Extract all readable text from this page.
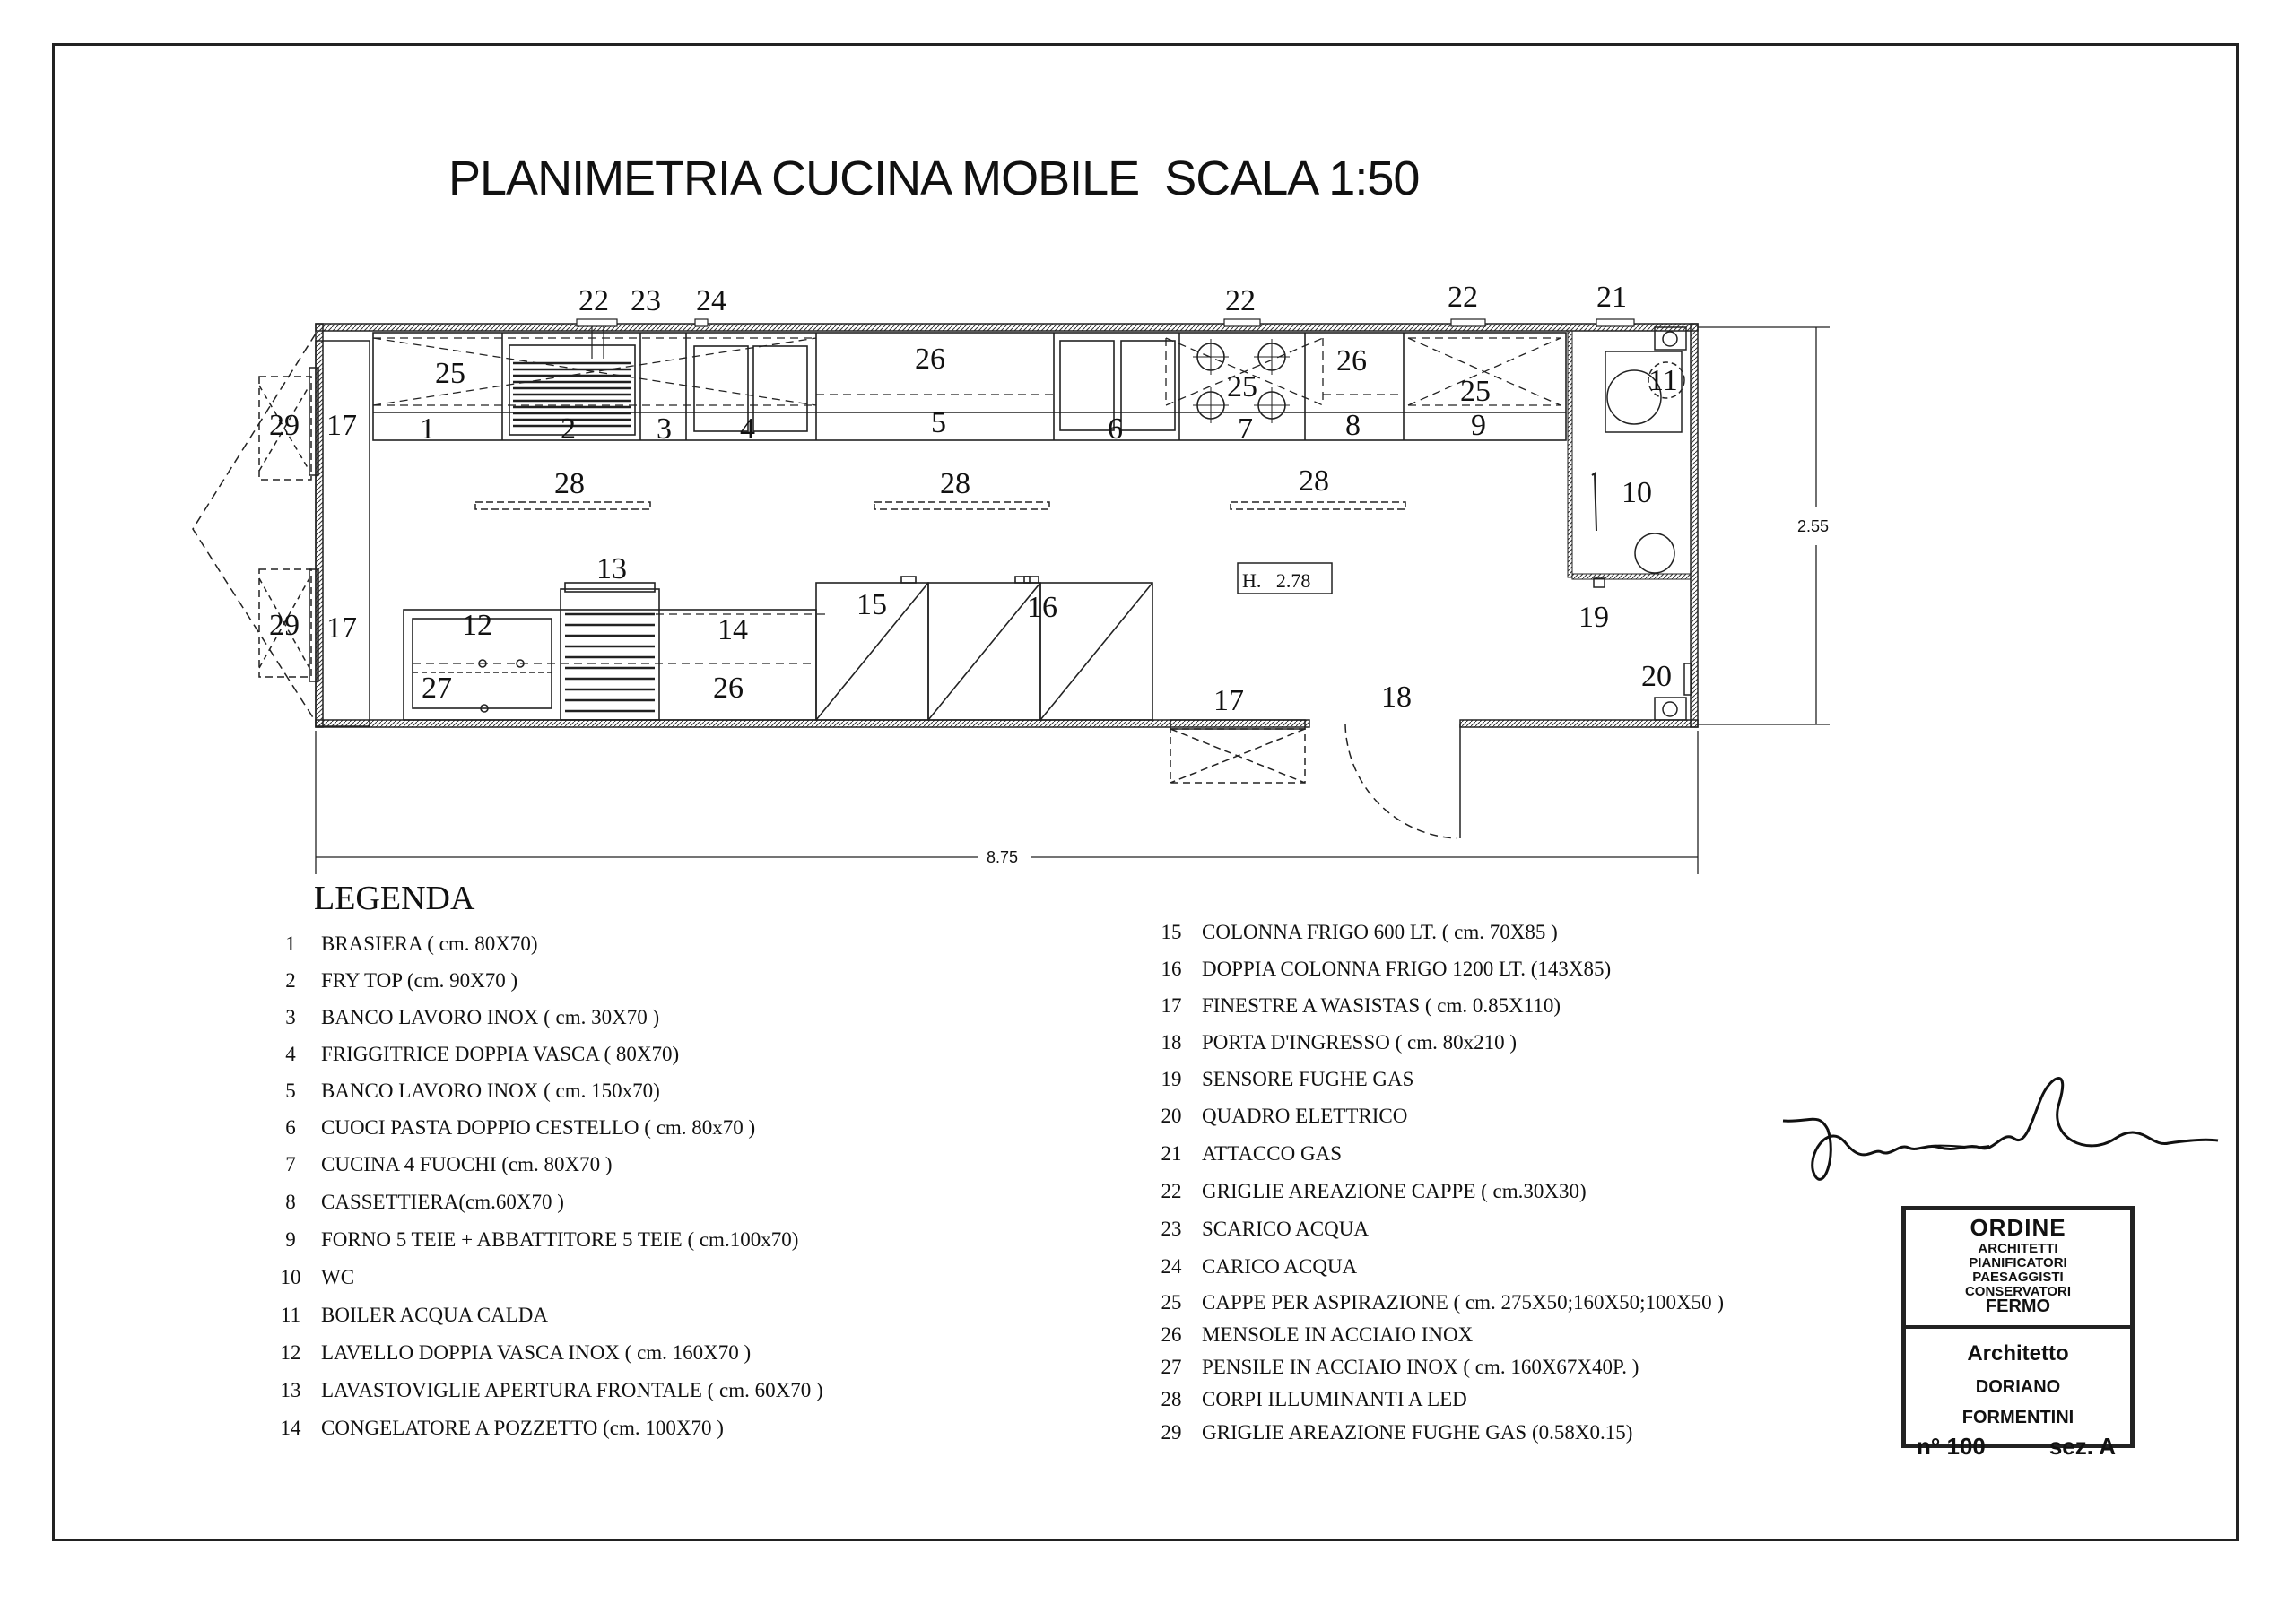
PLANIMETRIA CUCINA MOBILE  SCALA 1:50
H.   2.78
2.55
8.75
22 23 24	22	22	21
29 17
25
1	2	3 4
26
5	6
25
7
26
8
25
9
11
10
28	28	28
13
15	16	19
29 17	12	14
27	26	20
17	18
LEGENDA
1 BRASIERA ( cm. 80X70)
2 FRY TOP (cm. 90X70 )
3 BANCO LAVORO INOX ( cm. 30X70 )
4 FRIGGITRICE DOPPIA VASCA ( 80X70)
5 BANCO LAVORO INOX ( cm. 150x70)
6 CUOCI PASTA DOPPIO CESTELLO ( cm. 80x70 )
7 CUCINA 4 FUOCHI (cm. 80X70 )
8 CASSETTIERA(cm.60X70 )
9 FORNO 5 TEIE + ABBATTITORE 5 TEIE ( cm.100x70)
10 WC
11 BOILER ACQUA CALDA
12 LAVELLO DOPPIA VASCA INOX ( cm. 160X70 )
13 LAVASTOVIGLIE APERTURA FRONTALE ( cm. 60X70 )
14 CONGELATORE A POZZETTO (cm. 100X70 )
15 COLONNA FRIGO 600 LT. ( cm. 70X85 )
16 DOPPIA COLONNA FRIGO 1200 LT. (143X85)
17 FINESTRE A WASISTAS ( cm. 0.85X110)
18 PORTA D'INGRESSO ( cm. 80x210 )
19 SENSORE FUGHE GAS
20 QUADRO ELETTRICO
21 ATTACCO GAS
22 GRIGLIE AREAZIONE CAPPE ( cm.30X30)
23 SCARICO ACQUA
24 CARICO ACQUA
25 CAPPE PER ASPIRAZIONE ( cm. 275X50;160X50;100X50 )
26 MENSOLE IN ACCIAIO INOX
27 PENSILE IN ACCIAIO INOX ( cm. 160X67X40P. )
28 CORPI ILLUMINANTI A LED
29 GRIGLIE AREAZIONE FUGHE GAS (0.58X0.15)
ORDINE
ARCHITETTI
PIANIFICATORI
PAESAGGISTI
CONSERVATORI
FERMO
Architetto
DORIANO
FORMENTINI
n° 100	sez. A
